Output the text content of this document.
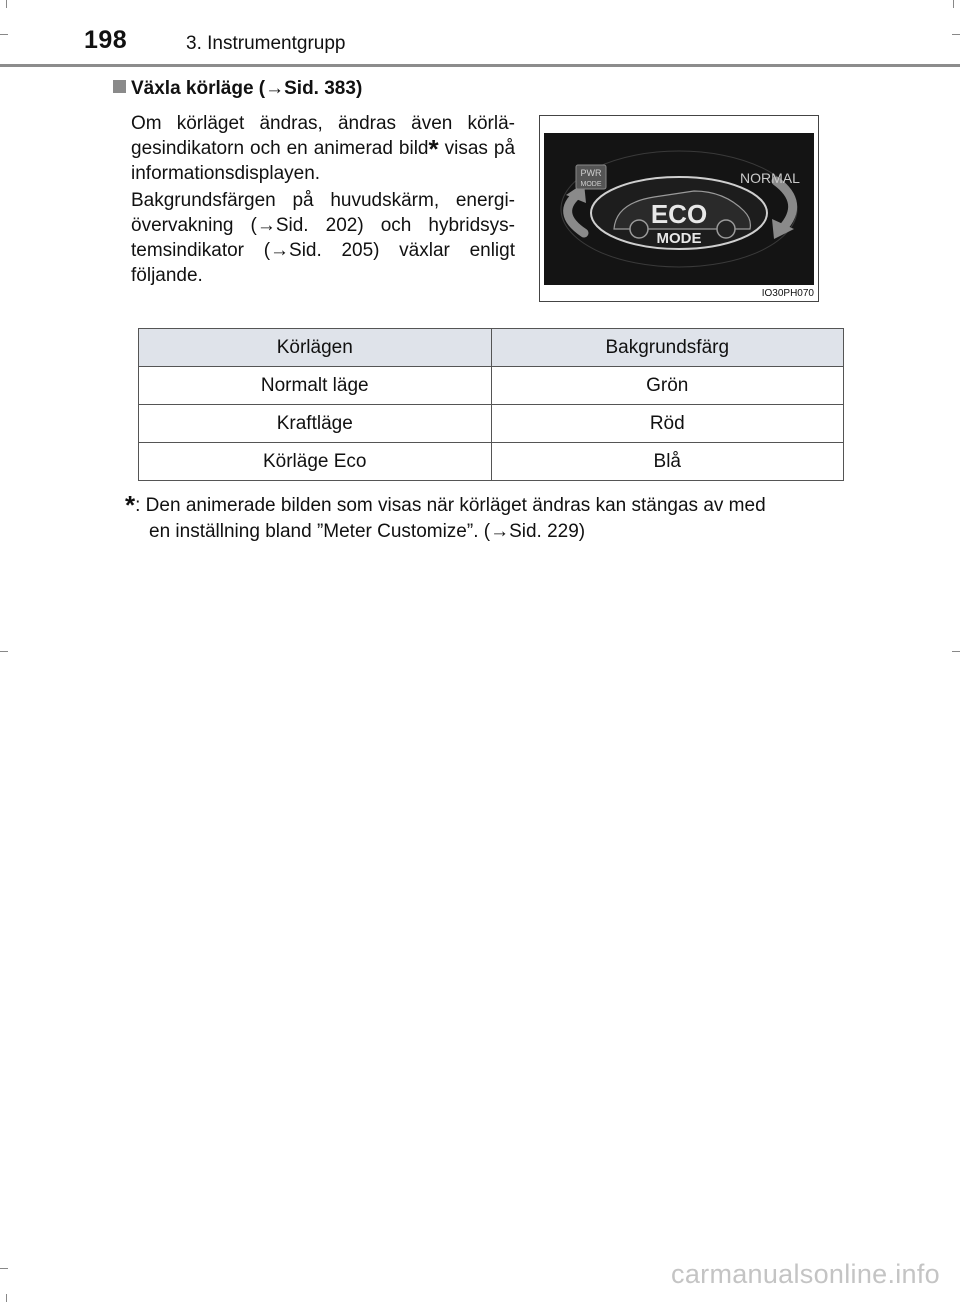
198	3. Instrumentgrupp
Växla körläge (→Sid. 383)
Om körläget ändras, ändras även körlägesindikatorn och en animerad bild* visas på informationsdisplayen.
Bakgrundsfärgen på huvudskärm, energiövervakning (→Sid. 202) och hybridsystemsindikator (→Sid. 205) växlar enligt följande.
PWR
MODE	NORMAL
ECO
MODE
IO30PH070
Körlägen	Bakgrundsfärg
Normalt läge	Grön
Kraftläge	Röd
Körläge Eco	Blå
*: Den animerade bilden som visas när körläget ändras kan stängas av med
en inställning bland ”Meter Customize”. (→Sid. 229)
carmanualsonline.info
